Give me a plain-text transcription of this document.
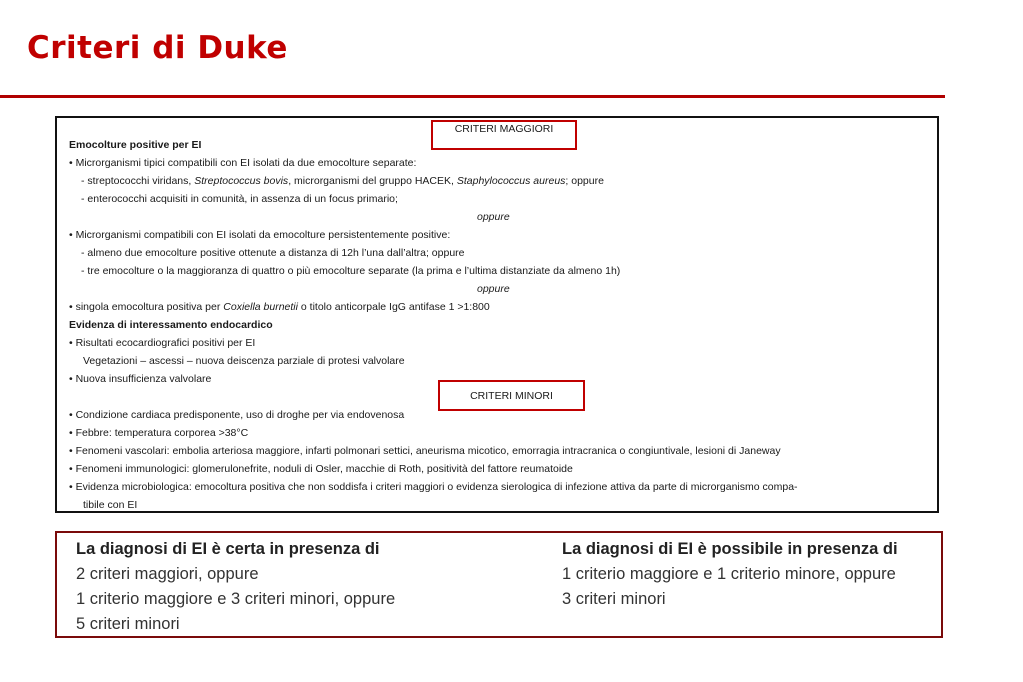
Criteri di Duke
CRITERI MAGGIORI
Emocolture positive per EI
• Microrganismi tipici compatibili con EI isolati da due emocolture separate:
- streptococchi viridans, Streptococcus bovis, microrganismi del gruppo HACEK, Staphylococcus aureus; oppure
- enterococchi acquisiti in comunità, in assenza di un focus primario;
oppure
• Microrganismi compatibili con EI isolati da emocolture persistentemente positive:
- almeno due emocolture positive ottenute a distanza di 12h l’una dall’altra; oppure
- tre emocolture o la maggioranza di quattro o più emocolture separate (la prima e l’ultima distanziate da almeno 1h)
oppure
• singola emocoltura positiva per Coxiella burnetii o titolo anticorpale IgG antifase 1 >1:800
Evidenza di interessamento endocardico
• Risultati ecocardiografici positivi per EI
Vegetazioni – ascessi – nuova deiscenza parziale di protesi valvolare
• Nuova insufficienza valvolare
CRITERI MINORI
• Condizione cardiaca predisponente, uso di droghe per via endovenosa
• Febbre: temperatura corporea >38°C
• Fenomeni vascolari: embolia arteriosa maggiore, infarti polmonari settici, aneurisma micotico, emorragia intracranica o congiuntivale, lesioni di Janeway
• Fenomeni immunologici: glomerulonefrite, noduli di Osler, macchie di Roth, positività del fattore reumatoide
• Evidenza microbiologica: emocoltura positiva che non soddisfa i criteri maggiori o evidenza sierologica di infezione attiva da parte di microrganismo compa-
tibile con EI
La diagnosi di EI è certa in presenza di
2 criteri maggiori, oppure
1 criterio maggiore e 3 criteri minori, oppure
5 criteri minori
La diagnosi di EI è possibile in presenza di
1 criterio maggiore e 1 criterio minore, oppure
3 criteri minori
